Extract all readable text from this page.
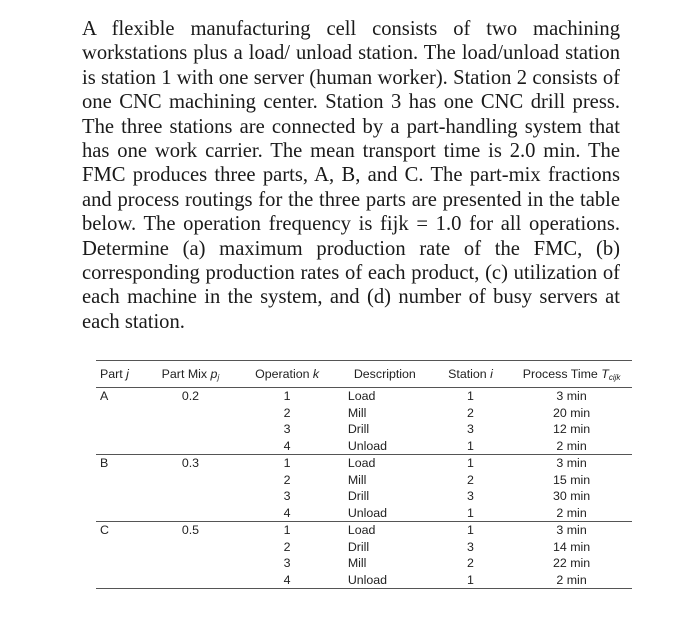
A flexible manufacturing cell consists of two machining workstations plus a load/ unload station. The load/unload station is station 1 with one server (human worker). Station 2 consists of one CNC machining center. Station 3 has one CNC drill press. The three stations are connected by a part-handling system that has one work carrier. The mean transport time is 2.0 min. The FMC produces three parts, A, B, and C. The part-mix fractions and process routings for the three parts are presented in the table below. The operation frequency is fijk = 1.0 for all operations. Determine (a) maximum production rate of the FMC, (b) corresponding production rates of each product, (c) utilization of each machine in the system, and (d) number of busy servers at each station.

Part j	Part Mix $p_j$	Operation k	Description	Station i	Process Time $T_{cijk}$
A	0.2	1	Load	1	3 min
		2	Mill	2	20 min
		3	Drill	3	12 min
		4	Unload	1	2 min
B	0.3	1	Load	1	3 min
		2	Mill	2	15 min
		3	Drill	3	30 min
		4	Unload	1	2 min
C	0.5	1	Load	1	3 min
		2	Drill	3	14 min
		3	Mill	2	22 min
		4	Unload	1	2 min
